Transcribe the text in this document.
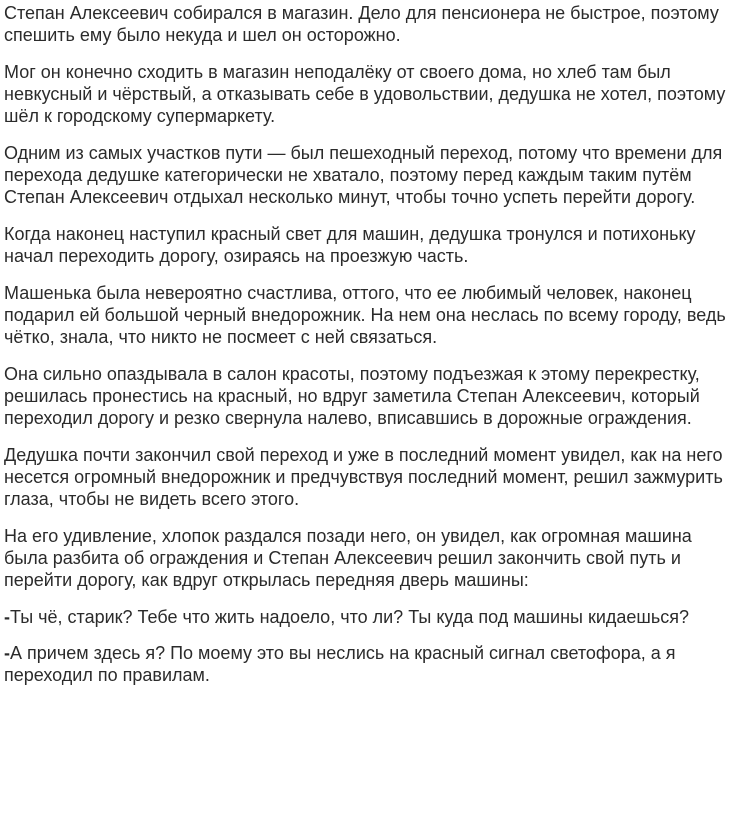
Степан Алексеевич собирался в магазин. Дело для пенсионера не быстрое, поэтому спешить ему было некуда и шел он осторожно.

Мог он конечно сходить в магазин неподалёку от своего дома, но хлеб там был невкусный и чёрствый, а отказывать себе в удовольствии, дедушка не хотел, поэтому шёл к городскому супермаркету.

Одним из самых участков пути — был пешеходный переход, потому что времени для перехода дедушке категорически не хватало, поэтому перед каждым таким путём Степан Алексеевич отдыхал несколько минут, чтобы точно успеть перейти дорогу.

Когда наконец наступил красный свет для машин, дедушка тронулся и потихоньку начал переходить дорогу, озираясь на проезжую часть.

Машенька была невероятно счастлива, оттого, что ее любимый человек, наконец подарил ей большой черный внедорожник. На нем она неслась по всему городу, ведь чётко, знала, что никто не посмеет с ней связаться.

Она сильно опаздывала в салон красоты, поэтому подъезжая к этому перекрестку, решилась пронестись на красный, но вдруг заметила Степан Алексеевич, который переходил дорогу и резко свернула налево, вписавшись в дорожные ограждения.

Дедушка почти закончил свой переход и уже в последний момент увидел, как на него несется огромный внедорожник и предчувствуя последний момент, решил зажмурить глаза, чтобы не видеть всего этого.

На его удивление, хлопок раздался позади него, он увидел, как огромная машина была разбита об ограждения и Степан Алексеевич решил закончить свой путь и перейти дорогу, как вдруг открылась передняя дверь машины:

-Ты чё, старик? Тебе что жить надоело, что ли? Ты куда под машины кидаешься?

-А причем здесь я? По моему это вы неслись на красный сигнал светофора, а я переходил по правилам.
